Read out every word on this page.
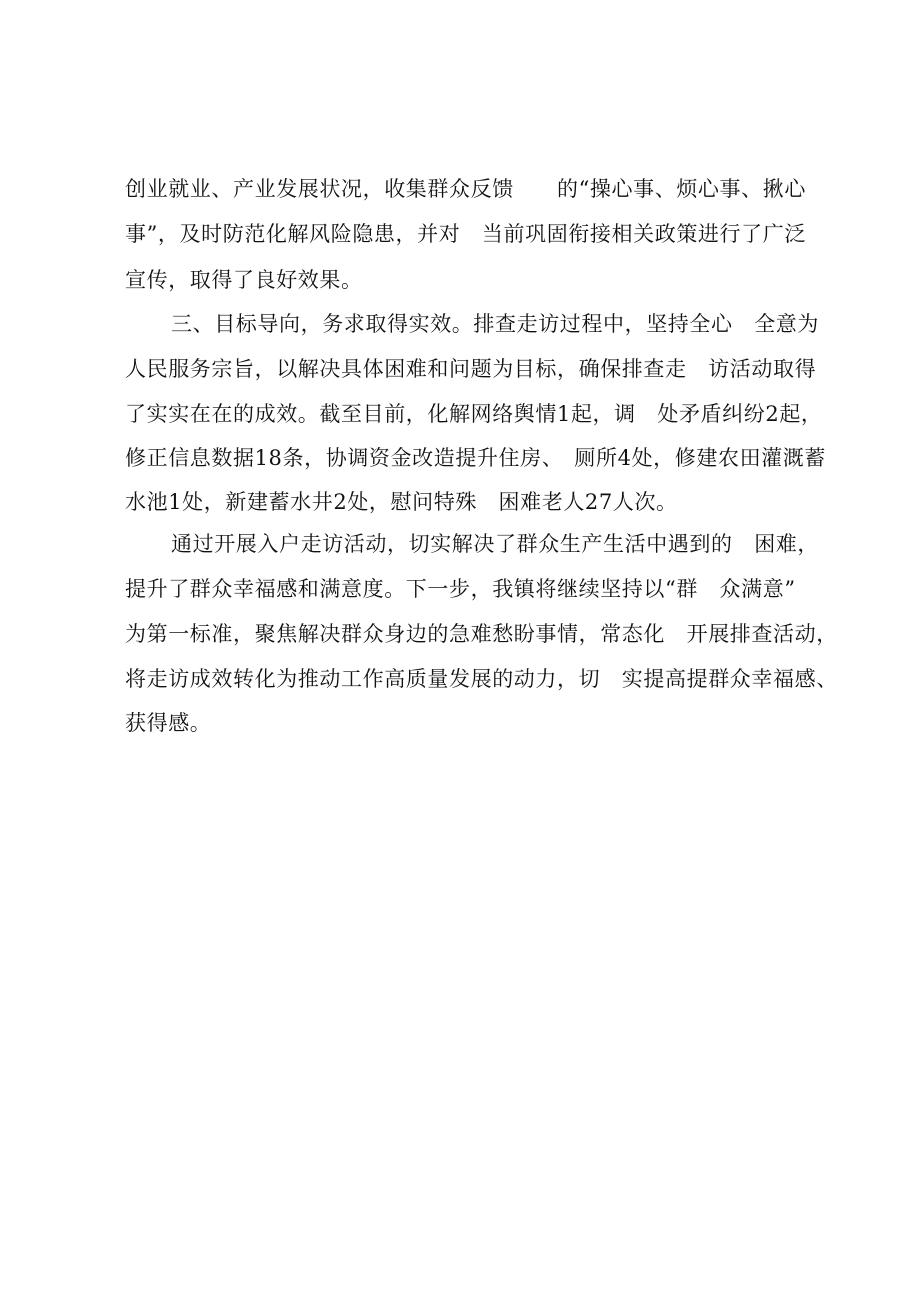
创业就业、产业发展状况，收集群众反馈　　的“操心事、烦心事、揪心
事”，及时防范化解风险隐患，并对　当前巩固衔接相关政策进行了广泛
宣传，取得了良好效果。
三、目标导向，务求取得实效。排查走访过程中，坚持全心　全意为
人民服务宗旨，以解决具体困难和问题为目标，确保排查走　访活动取得
了实实在在的成效。截至目前，化解网络舆情1起，调　处矛盾纠纷2起，
修正信息数据18条，协调资金改造提升住房、　厕所4处，修建农田灌溉蓄
水池1处，新建蓄水井2处，慰问特殊　困难老人27人次。
通过开展入户走访活动，切实解决了群众生产生活中遇到的　困难，
提升了群众幸福感和满意度。下一步，我镇将继续坚持以“群　众满意”
为第一标准，聚焦解决群众身边的急难愁盼事情，常态化　开展排查活动，
将走访成效转化为推动工作高质量发展的动力，切　实提高提群众幸福感、
获得感。
